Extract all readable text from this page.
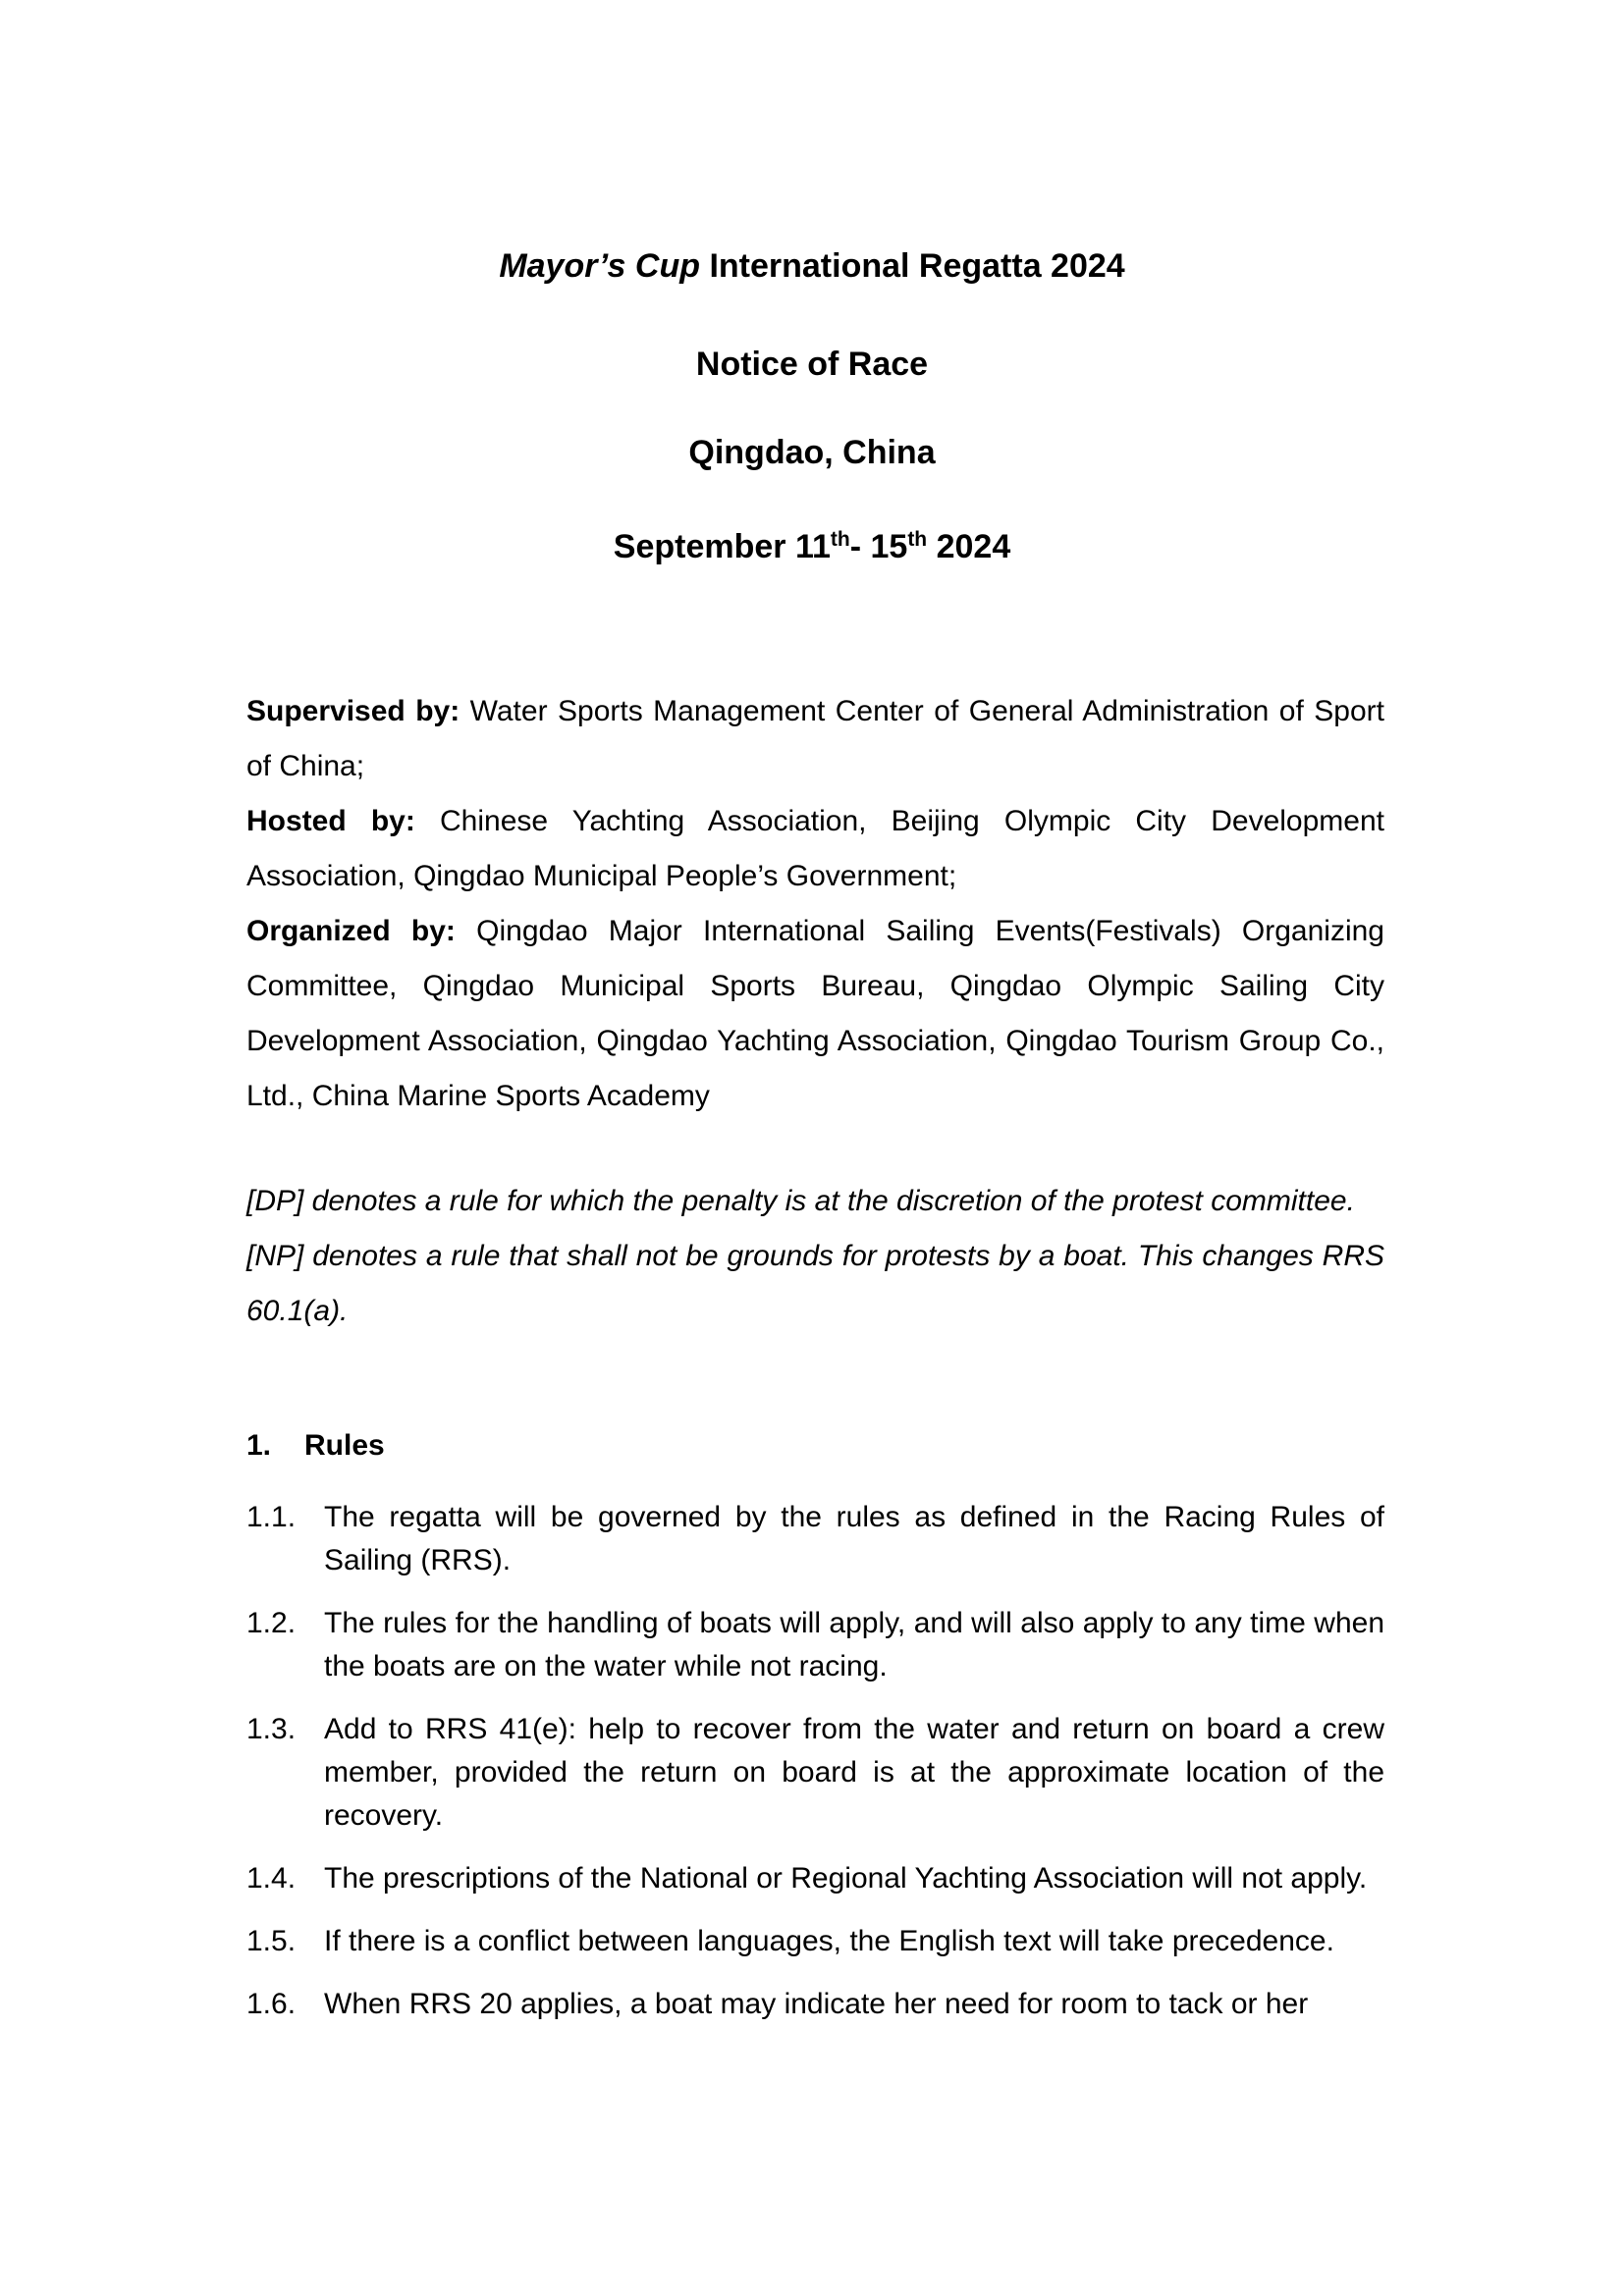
Mayor’s Cup International Regatta 2024
Notice of Race
Qingdao, China
September 11th- 15th 2024

Supervised by: Water Sports Management Center of General Administration of Sport of China;

Hosted by: Chinese Yachting Association, Beijing Olympic City Development Association, Qingdao Municipal People’s Government;

Organized by: Qingdao Major International Sailing Events(Festivals) Organizing Committee, Qingdao Municipal Sports Bureau, Qingdao Olympic Sailing City Development Association, Qingdao Yachting Association, Qingdao Tourism Group Co., Ltd., China Marine Sports Academy

[DP] denotes a rule for which the penalty is at the discretion of the protest committee.

[NP] denotes a rule that shall not be grounds for protests by a boat. This changes RRS 60.1(a).

1. Rules
1.1. The regatta will be governed by the rules as defined in the Racing Rules of Sailing (RRS).
1.2. The rules for the handling of boats will apply, and will also apply to any time when the boats are on the water while not racing.
1.3. Add to RRS 41(e): help to recover from the water and return on board a crew member, provided the return on board is at the approximate location of the recovery.
1.4. The prescriptions of the National or Regional Yachting Association will not apply.
1.5. If there is a conflict between languages, the English text will take precedence.
1.6. When RRS 20 applies, a boat may indicate her need for room to tack or her
